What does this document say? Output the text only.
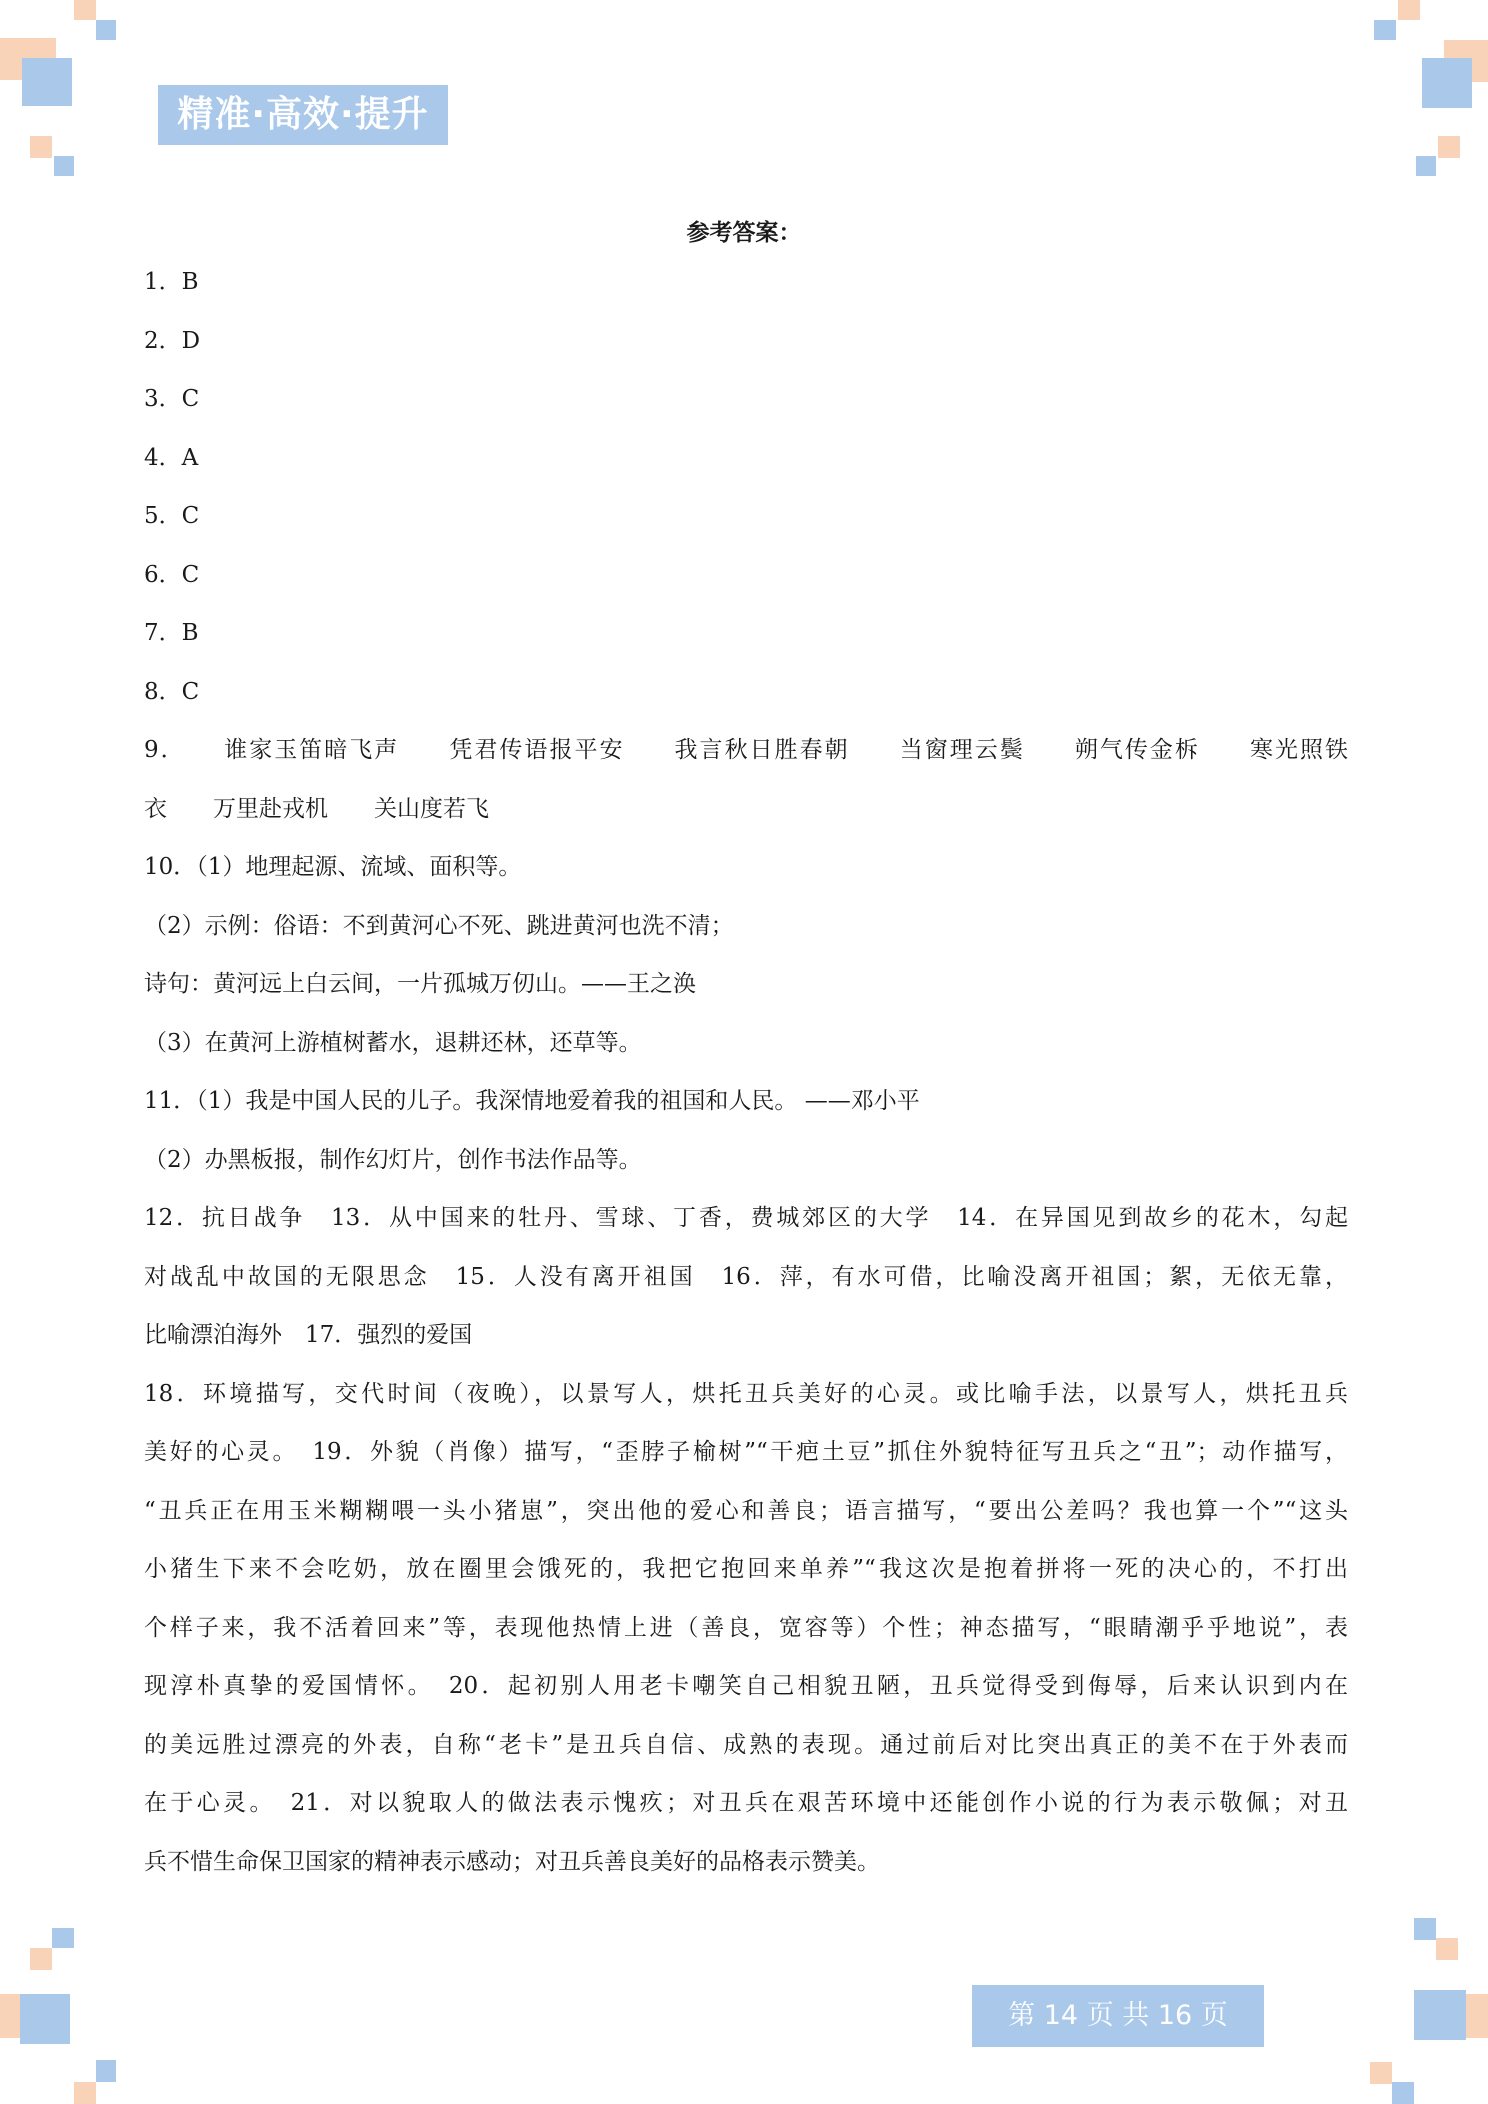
精准·高效·提升
参考答案：
1．B
2．D
3．C
4．A
5．C
6．C
7．B
8．C
9．　　谁家玉笛暗飞声　　凭君传语报平安　　我言秋日胜春朝　　当窗理云鬓　　朔气传金柝　　寒光照铁
衣　　万里赴戎机　　关山度若飞
10．（1）地理起源、流域、面积等。
（2）示例：俗语：不到黄河心不死、跳进黄河也洗不清；
诗句：黄河远上白云间，一片孤城万仞山。——王之涣
（3）在黄河上游植树蓄水，退耕还林，还草等。
11．（1）我是中国人民的儿子。我深情地爱着我的祖国和人民。 ——邓小平
（2）办黑板报，制作幻灯片，创作书法作品等。
12．抗日战争　13．从中国来的牡丹、雪球、丁香，费城郊区的大学　14．在异国见到故乡的花木，勾起
对战乱中故国的无限思念　15．人没有离开祖国　16．萍，有水可借，比喻没离开祖国；絮，无依无靠，
比喻漂泊海外　17．强烈的爱国
18．环境描写，交代时间（夜晚），以景写人，烘托丑兵美好的心灵。或比喻手法，以景写人，烘托丑兵
美好的心灵。　19．外貌（肖像）描写，“歪脖子榆树”“干疤土豆”抓住外貌特征写丑兵之“丑”；动作描写，
“丑兵正在用玉米糊糊喂一头小猪崽”，突出他的爱心和善良；语言描写，“要出公差吗？我也算一个”“这头
小猪生下来不会吃奶，放在圈里会饿死的，我把它抱回来单养”“我这次是抱着拼将一死的决心的，不打出
个样子来，我不活着回来”等，表现他热情上进（善良，宽容等）个性；神态描写，“眼睛潮乎乎地说”，表
现淳朴真挚的爱国情怀。　20．起初别人用老卡嘲笑自己相貌丑陋，丑兵觉得受到侮辱，后来认识到内在
的美远胜过漂亮的外表，自称“老卡”是丑兵自信、成熟的表现。通过前后对比突出真正的美不在于外表而
在于心灵。　21．对以貌取人的做法表示愧疚；对丑兵在艰苦环境中还能创作小说的行为表示敬佩；对丑
兵不惜生命保卫国家的精神表示感动；对丑兵善良美好的品格表示赞美。
第 14 页 共 16 页
